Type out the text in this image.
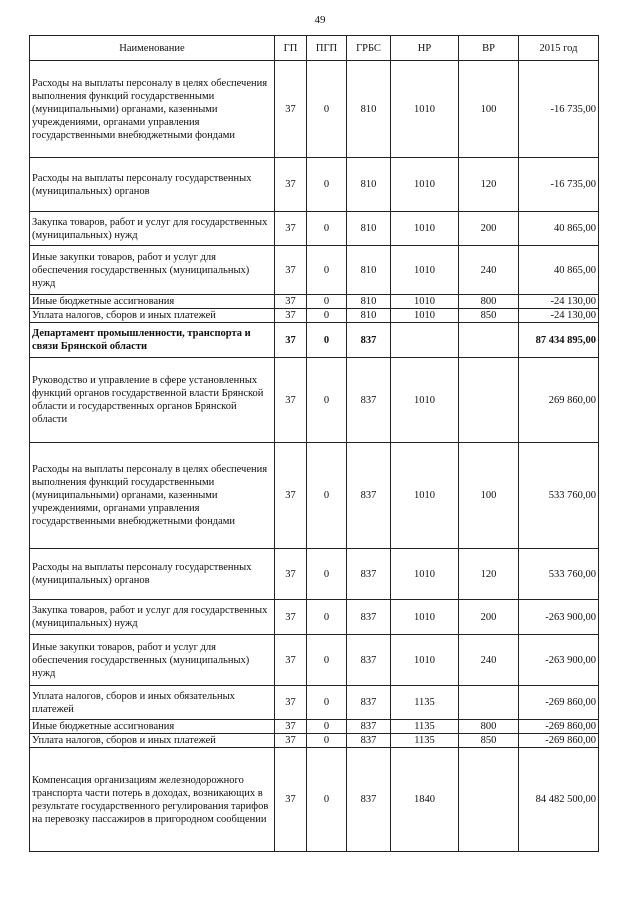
49
Наименование	ГП	ПГП	ГРБС	НР	ВР	2015 год
Расходы на выплаты персоналу в целях обеспечения выполнения функций государственными (муниципальными) органами, казенными учреждениями, органами управления государственными внебюджетными фондами	37	0	810	1010	100	-16 735,00
Расходы на выплаты персоналу государственных (муниципальных) органов	37	0	810	1010	120	-16 735,00
Закупка товаров, работ и услуг для государственных (муниципальных) нужд	37	0	810	1010	200	40 865,00
Иные закупки товаров, работ и услуг для обеспечения государственных (муниципальных) нужд	37	0	810	1010	240	40 865,00
Иные бюджетные ассигнования	37	0	810	1010	800	-24 130,00
Уплата налогов, сборов и иных платежей	37	0	810	1010	850	-24 130,00
Департамент промышленности, транспорта и связи Брянской области	37	0	837			87 434 895,00
Руководство и управление в сфере установленных функций органов государственной власти Брянской области и государственных органов Брянской области	37	0	837	1010		269 860,00
Расходы на выплаты персоналу в целях обеспечения выполнения функций государственными (муниципальными) органами, казенными учреждениями, органами управления государственными внебюджетными фондами	37	0	837	1010	100	533 760,00
Расходы на выплаты персоналу государственных (муниципальных) органов	37	0	837	1010	120	533 760,00
Закупка товаров, работ и услуг для государственных (муниципальных) нужд	37	0	837	1010	200	-263 900,00
Иные закупки товаров, работ и услуг для обеспечения государственных (муниципальных) нужд	37	0	837	1010	240	-263 900,00
Уплата налогов, сборов и иных обязательных платежей	37	0	837	1135		-269 860,00
Иные бюджетные ассигнования	37	0	837	1135	800	-269 860,00
Уплата налогов, сборов и иных платежей	37	0	837	1135	850	-269 860,00
Компенсация организациям железнодорожного транспорта части потерь в доходах, возникающих в результате государственного регулирования тарифов на перевозку пассажиров в пригородном сообщении	37	0	837	1840		84 482 500,00
